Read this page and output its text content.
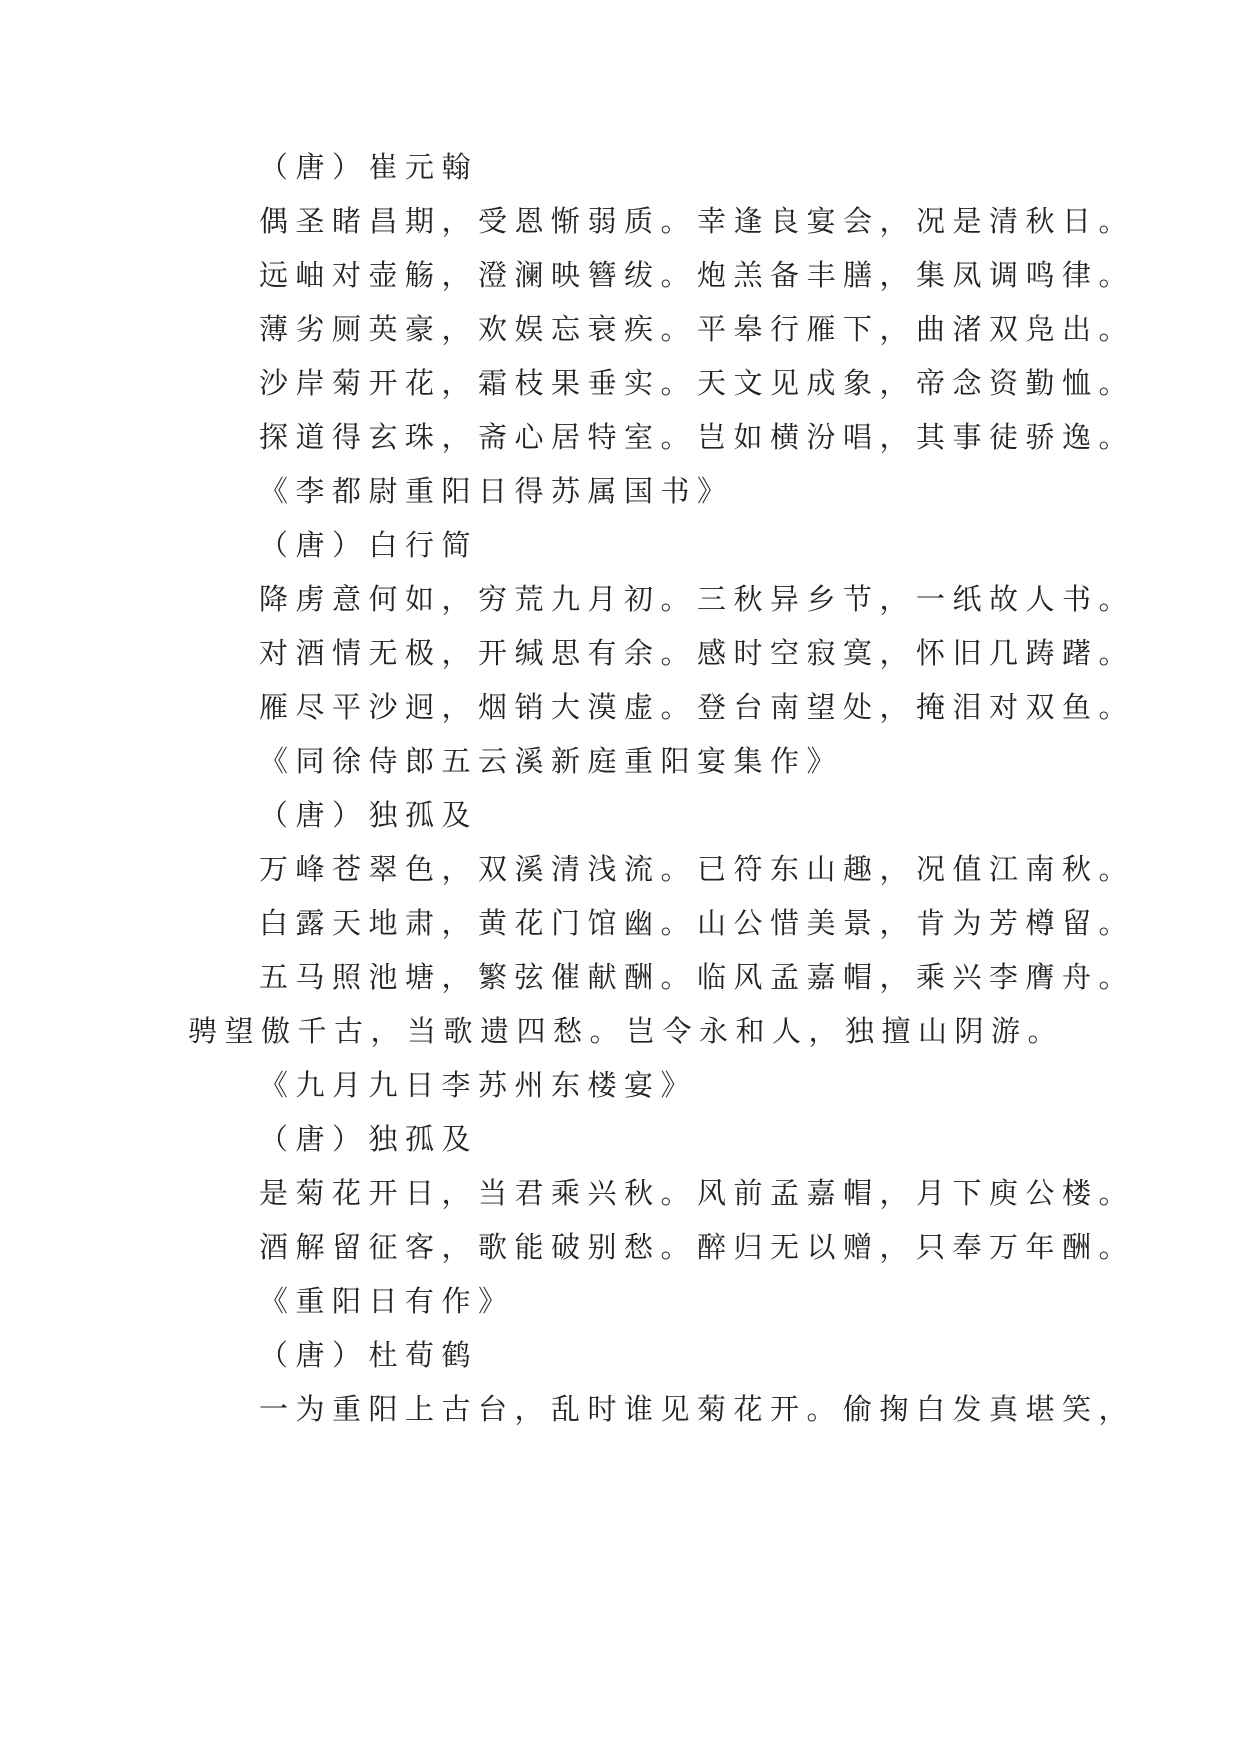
（唐）崔元翰
偶圣睹昌期，受恩惭弱质。幸逢良宴会，况是清秋日。
远岫对壶觞，澄澜映簪绂。炮羔备丰膳，集凤调鸣律。
薄劣厕英豪，欢娱忘衰疾。平皋行雁下，曲渚双凫出。
沙岸菊开花，霜枝果垂实。天文见成象，帝念资勤恤。
探道得玄珠，斋心居特室。岂如横汾唱，其事徒骄逸。
《李都尉重阳日得苏属国书》
（唐）白行简
降虏意何如，穷荒九月初。三秋异乡节，一纸故人书。
对酒情无极，开缄思有余。感时空寂寞，怀旧几踌躇。
雁尽平沙迥，烟销大漠虚。登台南望处，掩泪对双鱼。
《同徐侍郎五云溪新庭重阳宴集作》
（唐）独孤及
万峰苍翠色，双溪清浅流。已符东山趣，况值江南秋。
白露天地肃，黄花门馆幽。山公惜美景，肯为芳樽留。
五马照池塘，繁弦催献酬。临风孟嘉帽，乘兴李膺舟。
骋望傲千古，当歌遗四愁。岂令永和人，独擅山阴游。
《九月九日李苏州东楼宴》
（唐）独孤及
是菊花开日，当君乘兴秋。风前孟嘉帽，月下庾公楼。
酒解留征客，歌能破别愁。醉归无以赠，只奉万年酬。
《重阳日有作》
（唐）杜荀鹤
一为重阳上古台，乱时谁见菊花开。偷掬白发真堪笑，
